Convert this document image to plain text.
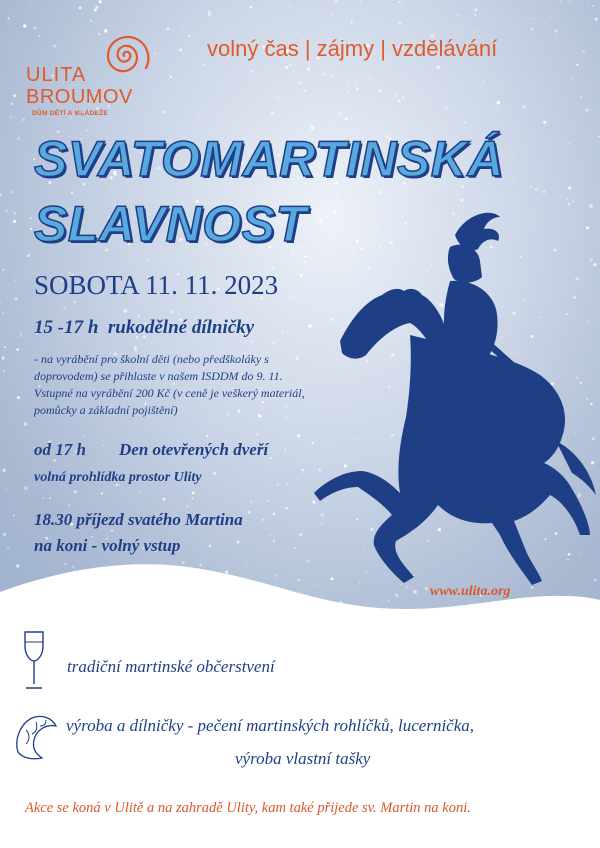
ULITA
BROUMOV
DŮM DĚTÍ A MLÁDEŽE
volný čas | zájmy | vzdělávání
SVATOMARTINSKÁ
SLAVNOST
SOBOTA 11. 11. 2023
15 -17 h  rukodělné dílničky
- na vyrábění pro školní děti (nebo předškoláky s
doprovodem) se přihlaste v našem ISDDM do 9. 11.
Vstupné na vyrábění 200 Kč (v ceně je veškerý materiál,
pomůcky a základní pojištění)
od 17 h Den otevřených dveří
volná prohlídka prostor Ulity
18.30 příjezd svatého Martina
na koni - volný vstup
www.ulita.org
tradiční martinské občerstvení
výroba a dílničky - pečení martinských rohlíčků, lucernička,
výroba vlastní tašky
Akce se koná v Ulitě a na zahradě Ulity, kam také přijede sv. Martin na koni.
